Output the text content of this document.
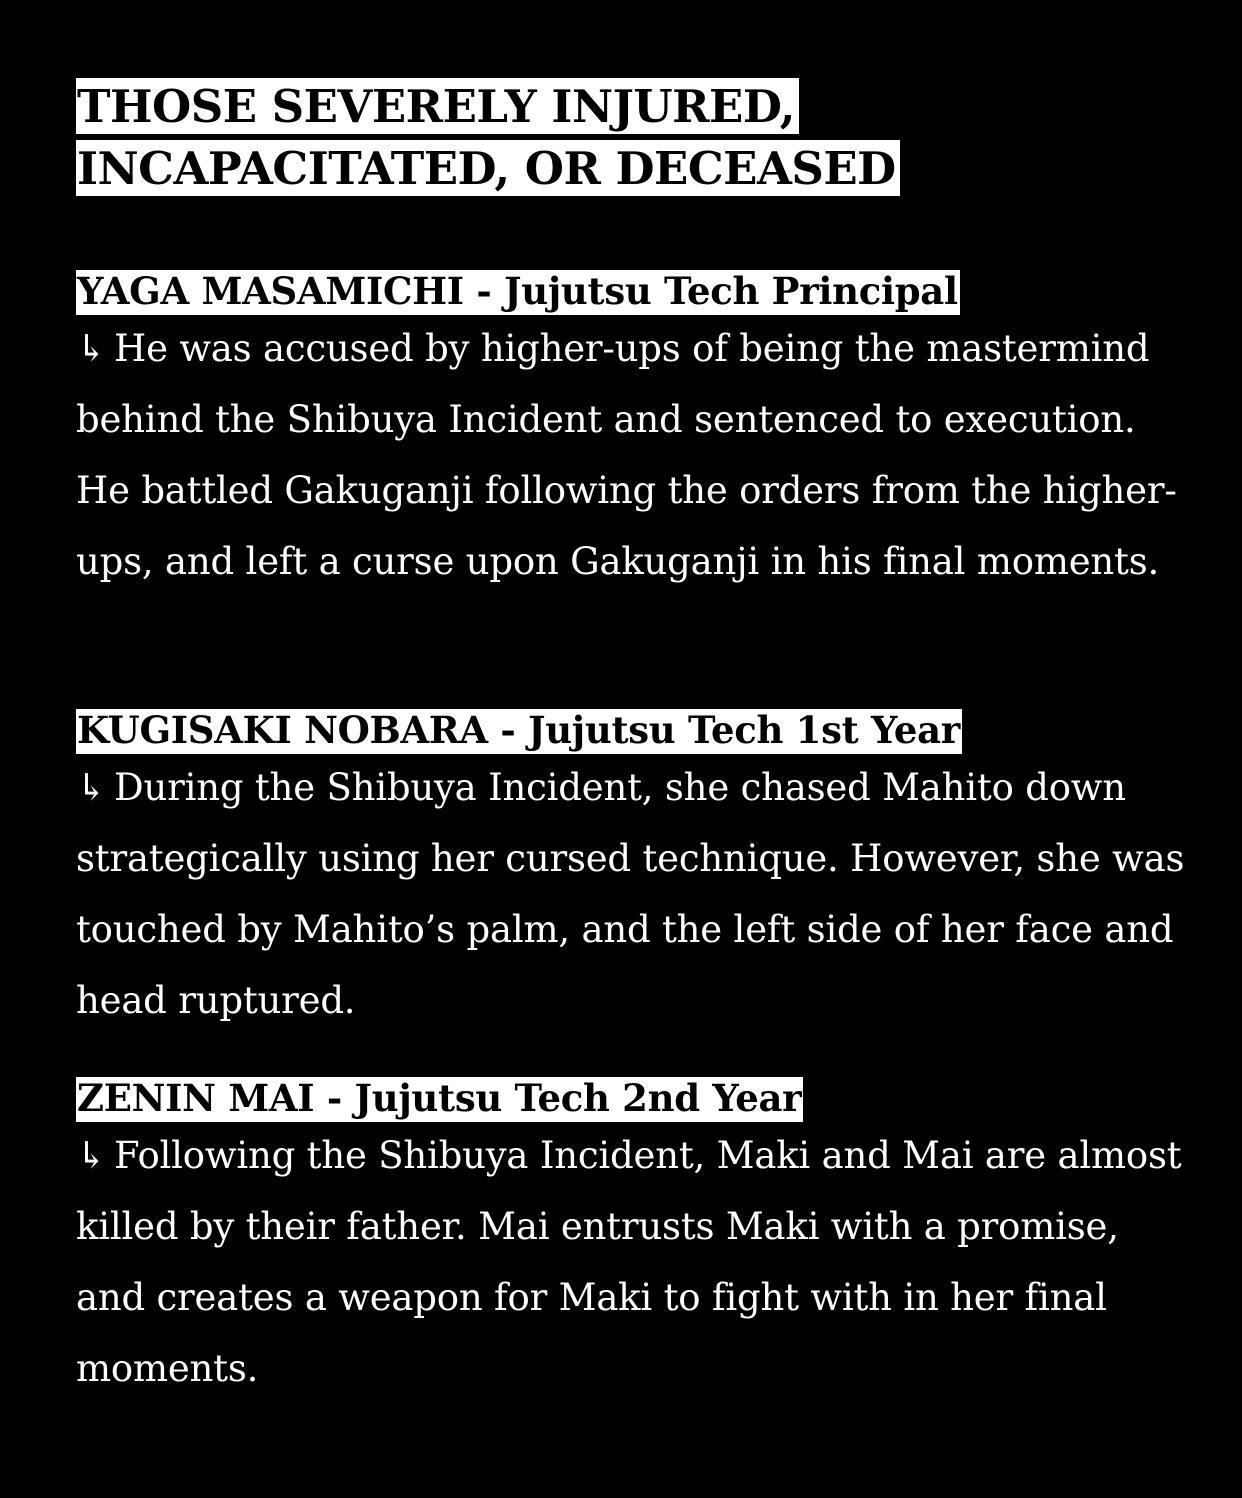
THOSE SEVERELY INJURED,
INCAPACITATED, OR DECEASED
YAGA MASAMICHI - Jujutsu Tech Principal

↳ He was accused by higher-ups of being the mastermind behind the Shibuya Incident and sentenced to execution. He battled Gakuganji following the orders from the higher-ups, and left a curse upon Gakuganji in his final moments.

KUGISAKI NOBARA - Jujutsu Tech 1st Year

↳ During the Shibuya Incident, she chased Mahito down strategically using her cursed technique. However, she was touched by Mahito’s palm, and the left side of her face and head ruptured.

ZENIN MAI - Jujutsu Tech 2nd Year

↳ Following the Shibuya Incident, Maki and Mai are almost killed by their father. Mai entrusts Maki with a promise, and creates a weapon for Maki to fight with in her final moments.
